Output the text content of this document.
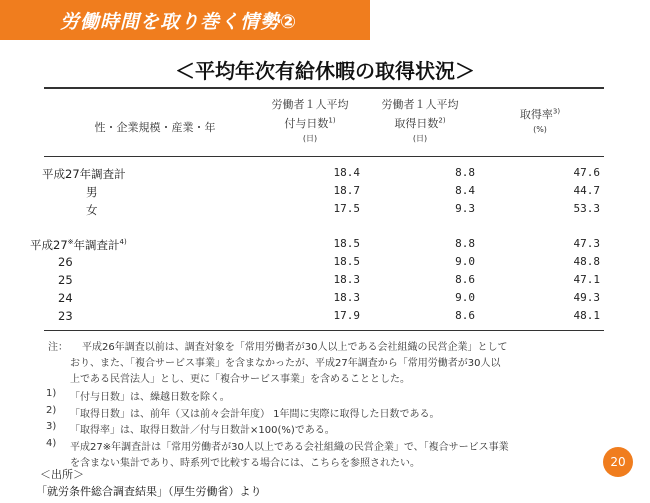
労働時間を取り巻く情勢②
＜平均年次有給休暇の取得状況＞
性・企業規模・産業・年
労働者１人平均
付与日数$^{1)}$
(日)
労働者１人平均
取得日数$^{2)}$
(日)
取得率$^{3)}$
(%)
平成27年調査計	18.4	8.8	47.6
男	18.7	8.4	44.7
女	17.5	9.3	53.3
平成27※年調査計$^{4)}$	18.5	8.8	47.3
26	18.5	9.0	48.8
25	18.3	8.6	47.1
24	18.3	9.0	49.3
23	17.9	8.6	48.1
注： 平成26年調査以前は、調査対象を「常用労働者が30人以上である会社組織の民営企業」として
おり、また、「複合サービス事業」を含まなかったが、平成27年調査から「常用労働者が30人以
上である民営法人」とし、更に「複合サービス事業」を含めることとした。
1) 「付与日数」は、繰越日数を除く。
2) 「取得日数」は、前年（又は前々会計年度） 1年間に実際に取得した日数である。
3) 「取得率」は、取得日数計／付与日数計×100(%)である。
4) 平成27※年調査計は「常用労働者が30人以上である会社組織の民営企業」で、「複合サービス事業
を含まない集計であり、時系列で比較する場合には、こちらを参照されたい。	20
＜出所＞
「就労条件総合調査結果」（厚生労働省）より
